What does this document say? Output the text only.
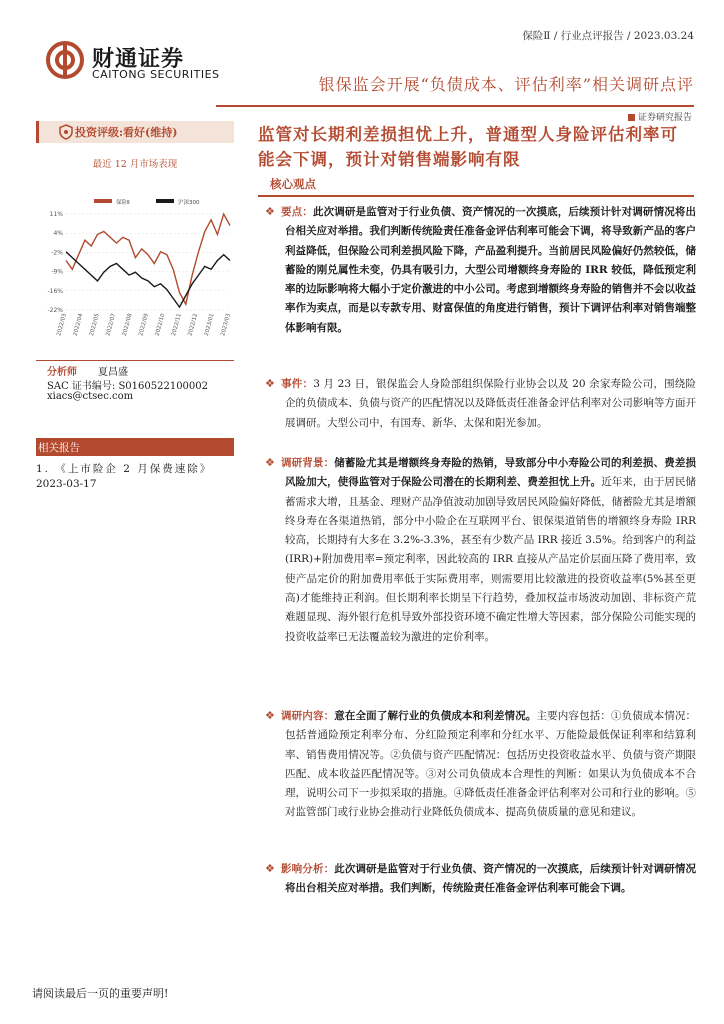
财通证券
CAITONG SECURITIES
保险Ⅱ / 行业点评报告 / 2023.03.24
银保监会开展“负债成本、评估利率”相关调研点评
证券研究报告
投资评级:看好(维持)
最近 12 月市场表现
保险Ⅱ	沪深300
11%
4%
-2%
-9%
-16%
-22%
2022/03 2022/04 2022/05 2022/07 2022/08 2022/09 2022/10 2022/11 2022/12 2023/01 2023/03
分析师 夏昌盛
SAC 证书编号: S0160522100002
xiacs@ctsec.com
相关报告
1. 《上市险企 2 月保费速除》
2023-03-17
监管对长期利差损担忧上升，普通型人身险评估利率可能会下调，预计对销售端影响有限
核心观点

❖ 要点：此次调研是监管对于行业负债、资产情况的一次摸底，后续预计针对调研情况将出台相关应对举措。我们判断传统险责任准备金评估利率可能会下调，将导致新产品的客户利益降低，但保险公司利差损风险下降，产品盈利提升。当前居民风险偏好仍然较低，储蓄险的刚兑属性未变，仍具有吸引力，大型公司增额终身寿险的 IRR 较低，降低预定利率的边际影响将大幅小于定价激进的中小公司。考虑到增额终身寿险的销售并不会以收益率作为卖点，而是以专款专用、财富保值的角度进行销售，预计下调评估利率对销售端整体影响有限。

❖ 事件：3 月 23 日，银保监会人身险部组织保险行业协会以及 20 余家寿险公司，围绕险企的负债成本、负债与资产的匹配情况以及降低责任准备金评估利率对公司影响等方面开展调研。大型公司中，有国寿、新华、太保和阳光参加。

❖ 调研背景：储蓄险尤其是增额终身寿险的热销，导致部分中小寿险公司的利差损、费差损风险加大，使得监管对于保险公司潜在的长期利差、费差担忧上升。近年来，由于居民储蓄需求大增，且基金、理财产品净值波动加剧导致居民风险偏好降低，储蓄险尤其是增额终身寿在各渠道热销，部分中小险企在互联网平台、银保渠道销售的增额终身寿险 IRR 较高，长期持有大多在 3.2%-3.3%，甚至有少数产品 IRR 接近 3.5%。给到客户的利益(IRR)+附加费用率=预定利率，因此较高的 IRR 直接从产品定价层面压降了费用率，致使产品定价的附加费用率低于实际费用率，则需要用比较激进的投资收益率(5%甚至更高)才能维持正利润。但长期利率长期呈下行趋势，叠加权益市场波动加剧、非标资产荒难题显现、海外银行危机导致外部投资环境不确定性增大等因素，部分保险公司能实现的投资收益率已无法覆盖较为激进的定价利率。

❖ 调研内容：意在全面了解行业的负债成本和利差情况。主要内容包括：①负债成本情况：包括普通险预定利率分布、分红险预定利率和分红水平、万能险最低保证利率和结算利率、销售费用情况等。②负债与资产匹配情况：包括历史投资收益水平、负债与资产期限匹配、成本收益匹配情况等。③对公司负债成本合理性的判断：如果认为负债成本不合理，说明公司下一步拟采取的措施。④降低责任准备金评估利率对公司和行业的影响。⑤对监管部门或行业协会推动行业降低负债成本、提高负债质量的意见和建议。

❖ 影响分析：此次调研是监管对于行业负债、资产情况的一次摸底，后续预计针对调研情况将出台相关应对举措。我们判断，传统险责任准备金评估利率可能会下调。

请阅读最后一页的重要声明!
